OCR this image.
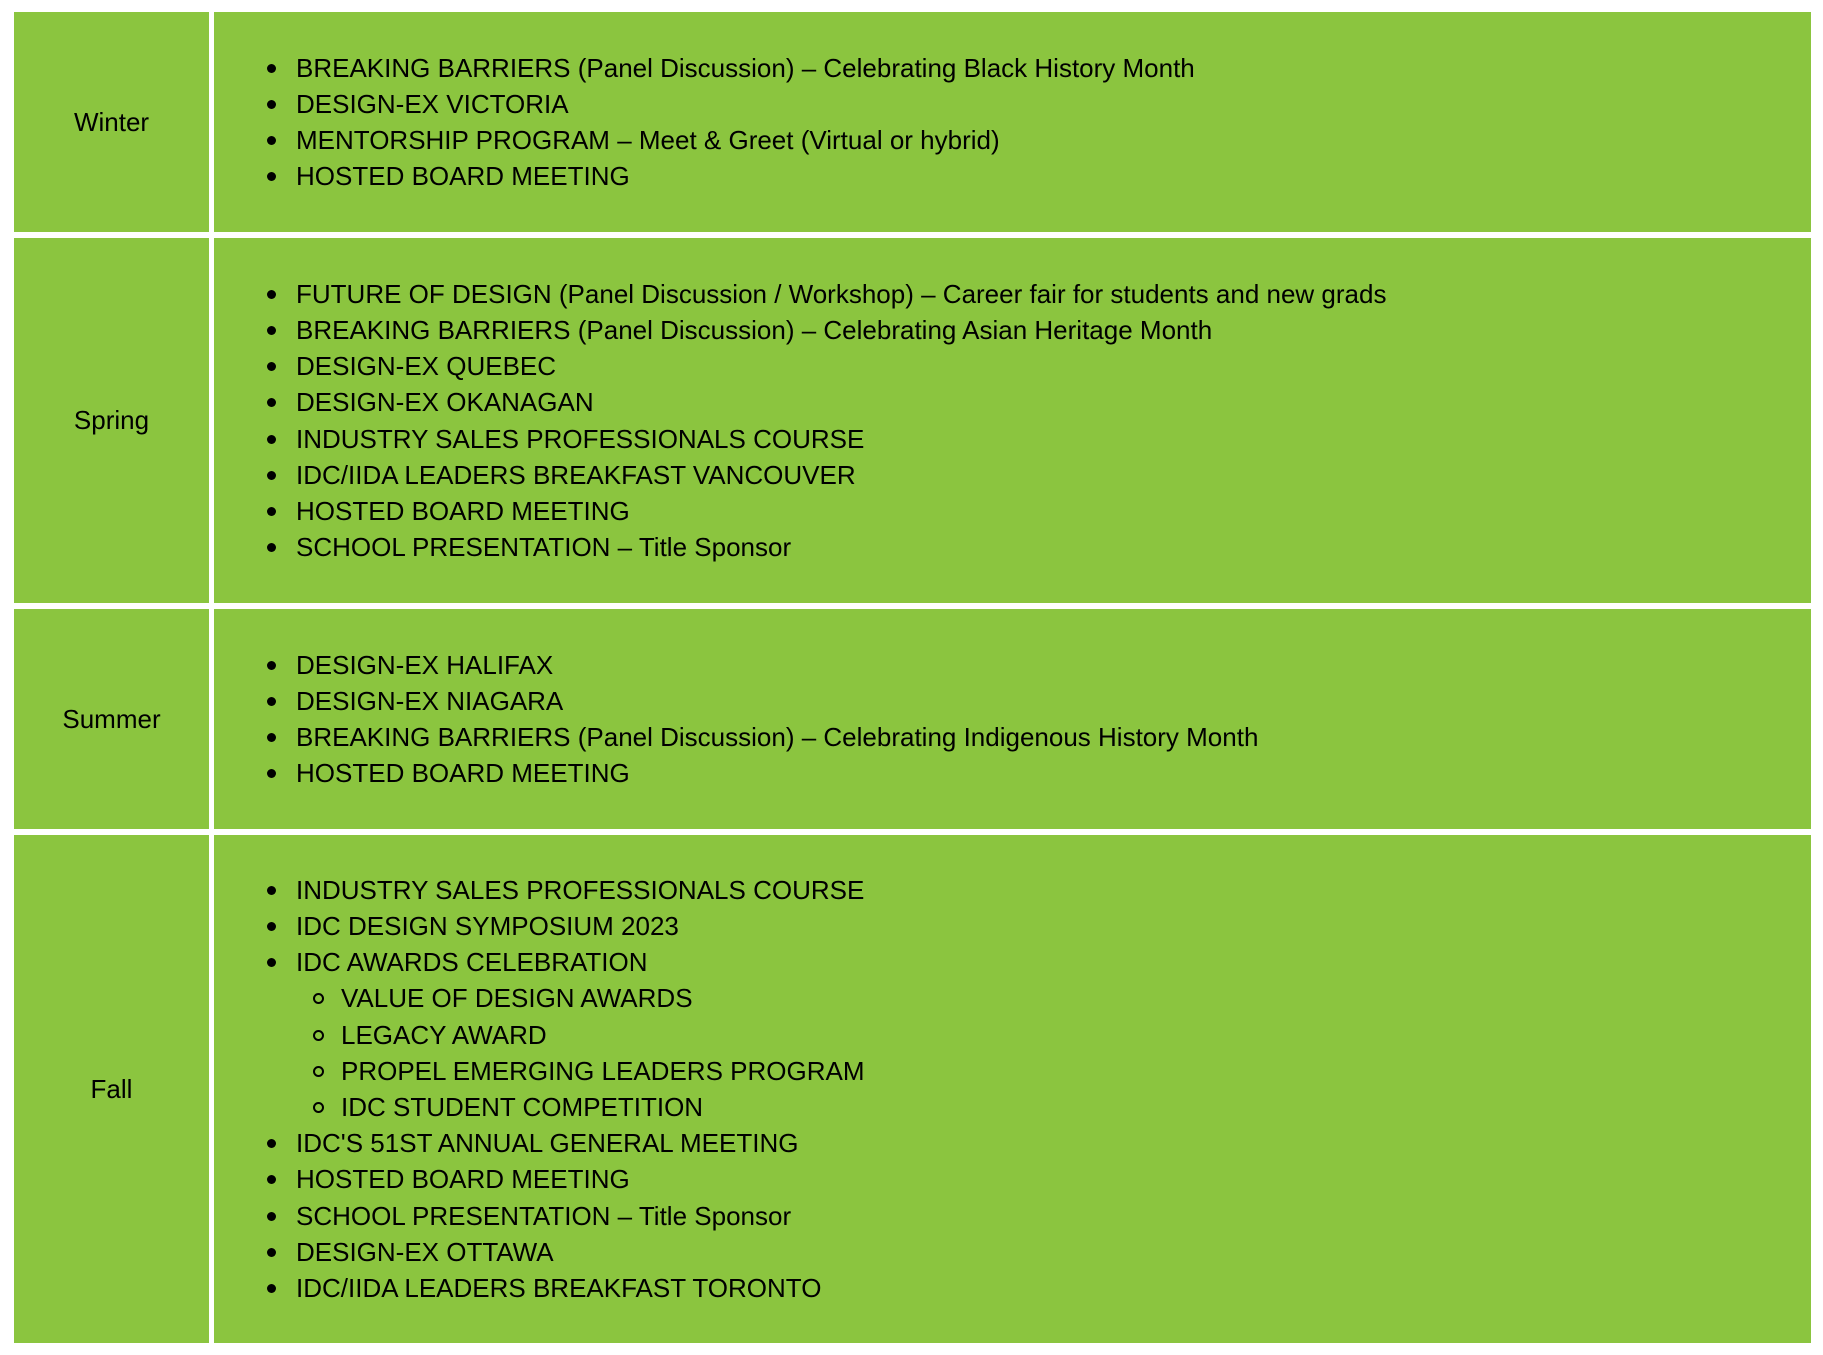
Winter
BREAKING BARRIERS (Panel Discussion) – Celebrating Black History Month
DESIGN-EX VICTORIA
MENTORSHIP PROGRAM – Meet & Greet (Virtual or hybrid)
HOSTED BOARD MEETING
Spring
FUTURE OF DESIGN (Panel Discussion / Workshop) – Career fair for students and new grads
BREAKING BARRIERS (Panel Discussion) – Celebrating Asian Heritage Month
DESIGN-EX QUEBEC
DESIGN-EX OKANAGAN
INDUSTRY SALES PROFESSIONALS COURSE
IDC/IIDA LEADERS BREAKFAST VANCOUVER
HOSTED BOARD MEETING
SCHOOL PRESENTATION – Title Sponsor
Summer
DESIGN-EX HALIFAX
DESIGN-EX NIAGARA
BREAKING BARRIERS (Panel Discussion) – Celebrating Indigenous History Month
HOSTED BOARD MEETING
Fall
INDUSTRY SALES PROFESSIONALS COURSE
IDC DESIGN SYMPOSIUM 2023
IDC AWARDS CELEBRATION
VALUE OF DESIGN AWARDS
LEGACY AWARD
PROPEL EMERGING LEADERS PROGRAM
IDC STUDENT COMPETITION
IDC'S 51ST ANNUAL GENERAL MEETING
HOSTED BOARD MEETING
SCHOOL PRESENTATION – Title Sponsor
DESIGN-EX OTTAWA
IDC/IIDA LEADERS BREAKFAST TORONTO
